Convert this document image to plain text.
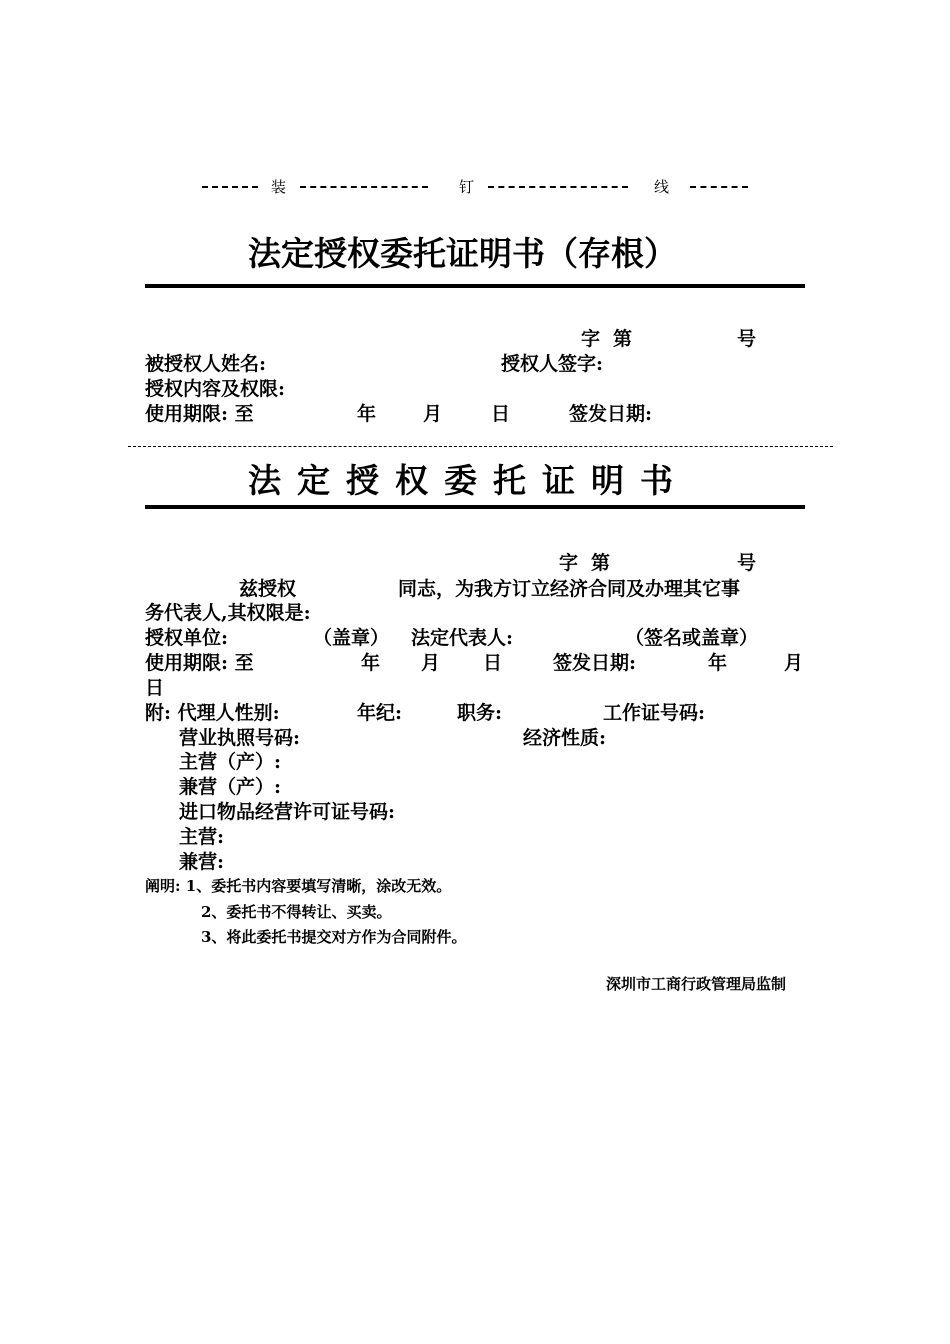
装	钉	线
法定授权委托证明书（存根）
字 第	号
被授权人姓名:	授权人签字:
授权内容及权限:
使用期限: 至	年 月	日	签发日期:
法定授权委托证明书
字 第	号
兹授权	同志，为我方订立经济合同及办理其它事
务代表人,其权限是:
授权单位:	（盖章） 法定代表人:	（签名或盖章）
使用期限: 至	年 月 日	签发日期:	年	月
日
附: 代理人性别:	年纪:	职务:	工作证号码:
营业执照号码:	经济性质:
主营（产）:
兼营（产）:
进口物品经营许可证号码:
主营:
兼营:
阐明: 1、委托书内容要填写清晰，涂改无效。
2、委托书不得转让、买卖。
3、将此委托书提交对方作为合同附件。
深圳市工商行政管理局监制
